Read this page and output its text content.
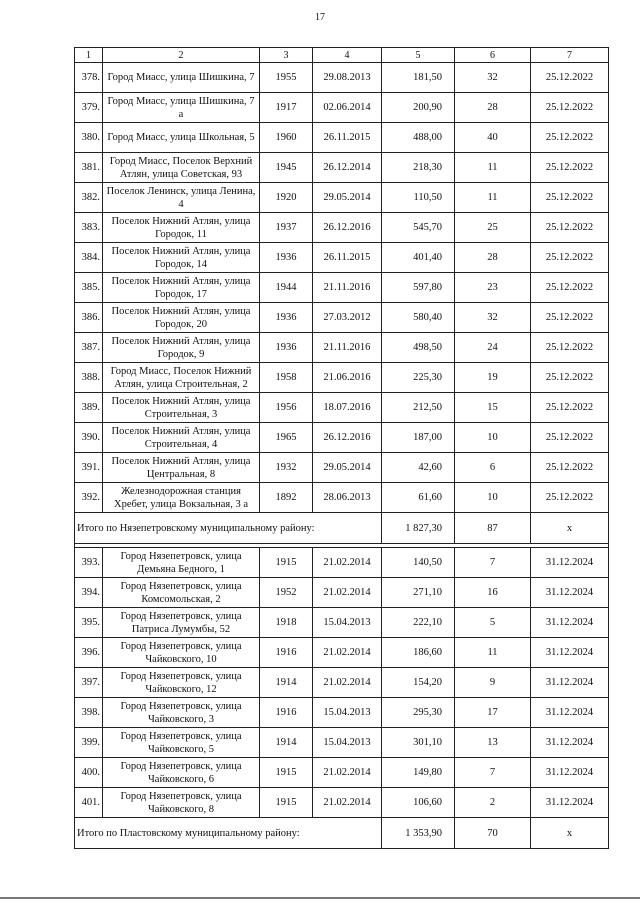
17
1	2	3	4	5	6	7
378.	Город Миасс, улица Шишкина, 7	1955	29.08.2013	181,50	32	25.12.2022
379.	Город Миасс, улица Шишкина, 7 а	1917	02.06.2014	200,90	28	25.12.2022
380.	Город Миасс, улица Школьная, 5	1960	26.11.2015	488,00	40	25.12.2022
381.	Город Миасс, Поселок Верхний Атлян, улица Советская, 93	1945	26.12.2014	218,30	11	25.12.2022
382.	Поселок Ленинск, улица Ленина, 4	1920	29.05.2014	110,50	11	25.12.2022
383.	Поселок Нижний Атлян, улица Городок, 11	1937	26.12.2016	545,70	25	25.12.2022
384.	Поселок Нижний Атлян, улица Городок, 14	1936	26.11.2015	401,40	28	25.12.2022
385.	Поселок Нижний Атлян, улица Городок, 17	1944	21.11.2016	597,80	23	25.12.2022
386.	Поселок Нижний Атлян, улица Городок, 20	1936	27.03.2012	580,40	32	25.12.2022
387.	Поселок Нижний Атлян, улица Городок, 9	1936	21.11.2016	498,50	24	25.12.2022
388.	Город Миасс, Поселок Нижний Атлян, улица Строительная, 2	1958	21.06.2016	225,30	19	25.12.2022
389.	Поселок Нижний Атлян, улица Строительная, 3	1956	18.07.2016	212,50	15	25.12.2022
390.	Поселок Нижний Атлян, улица Строительная, 4	1965	26.12.2016	187,00	10	25.12.2022
391.	Поселок Нижний Атлян, улица Центральная, 8	1932	29.05.2014	42,60	6	25.12.2022
392.	Железнодорожная станция Хребет, улица Вокзальная, 3 а	1892	28.06.2013	61,60	10	25.12.2022
Итого по Нязепетровскому муниципальному району:				1 827,30	87	х

393.	Город Нязепетровск, улица Демьяна Бедного, 1	1915	21.02.2014	140,50	7	31.12.2024
394.	Город Нязепетровск, улица Комсомольская, 2	1952	21.02.2014	271,10	16	31.12.2024
395.	Город Нязепетровск, улица Патриса Лумумбы, 52	1918	15.04.2013	222,10	5	31.12.2024
396.	Город Нязепетровск, улица Чайковского, 10	1916	21.02.2014	186,60	11	31.12.2024
397.	Город Нязепетровск, улица Чайковского, 12	1914	21.02.2014	154,20	9	31.12.2024
398.	Город Нязепетровск, улица Чайковского, 3	1916	15.04.2013	295,30	17	31.12.2024
399.	Город Нязепетровск, улица Чайковского, 5	1914	15.04.2013	301,10	13	31.12.2024
400.	Город Нязепетровск, улица Чайковского, 6	1915	21.02.2014	149,80	7	31.12.2024
401.	Город Нязепетровск, улица Чайковского, 8	1915	21.02.2014	106,60	2	31.12.2024
Итого по Пластовскому муниципальному району:				1 353,90	70	х
